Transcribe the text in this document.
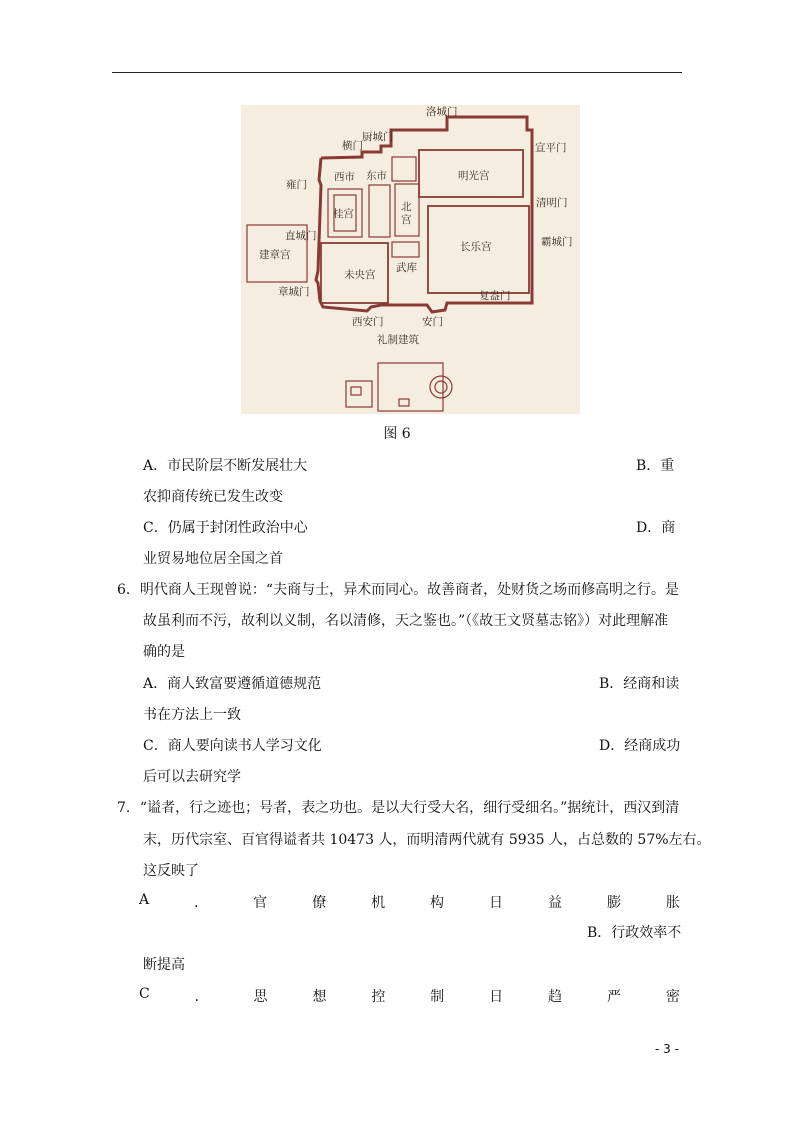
洛城门
厨城门
横门	宣平门
西市 东市
雍门
明光宫
清明门
桂宫
北
宫
直城门	霸城门
长乐宫
建章宫
未央宫
武库
章城门	复盎门
西安门	安门
礼制建筑
图 6
A．市民阶层不断发展壮大	B．重
农抑商传统已发生改变
C．仍属于封闭性政治中心	D．商
业贸易地位居全国之首
6．明代商人王现曾说：“夫商与士，异术而同心。故善商者，处财货之场而修高明之行。是
故虽利而不污，故利以义制，名以清修，天之鉴也。”（《故王文贤墓志铭》）对此理解准
确的是
A．商人致富要遵循道德规范	B．经商和读
书在方法上一致
C．商人要向读书人学习文化	D．经商成功
后可以去研究学
7．“谥者，行之迹也；号者，表之功也。是以大行受大名，细行受细名。”据统计，西汉到清
末，历代宗室、百官得谥者共 10473 人，而明清两代就有 5935 人，占总数的 57%左右。
这反映了
A	．	官	僚	机	构	日	益	膨	胀
B．行政效率不
断提高
C	．	思	想	控	制	日	趋	严	密
- 3 -
